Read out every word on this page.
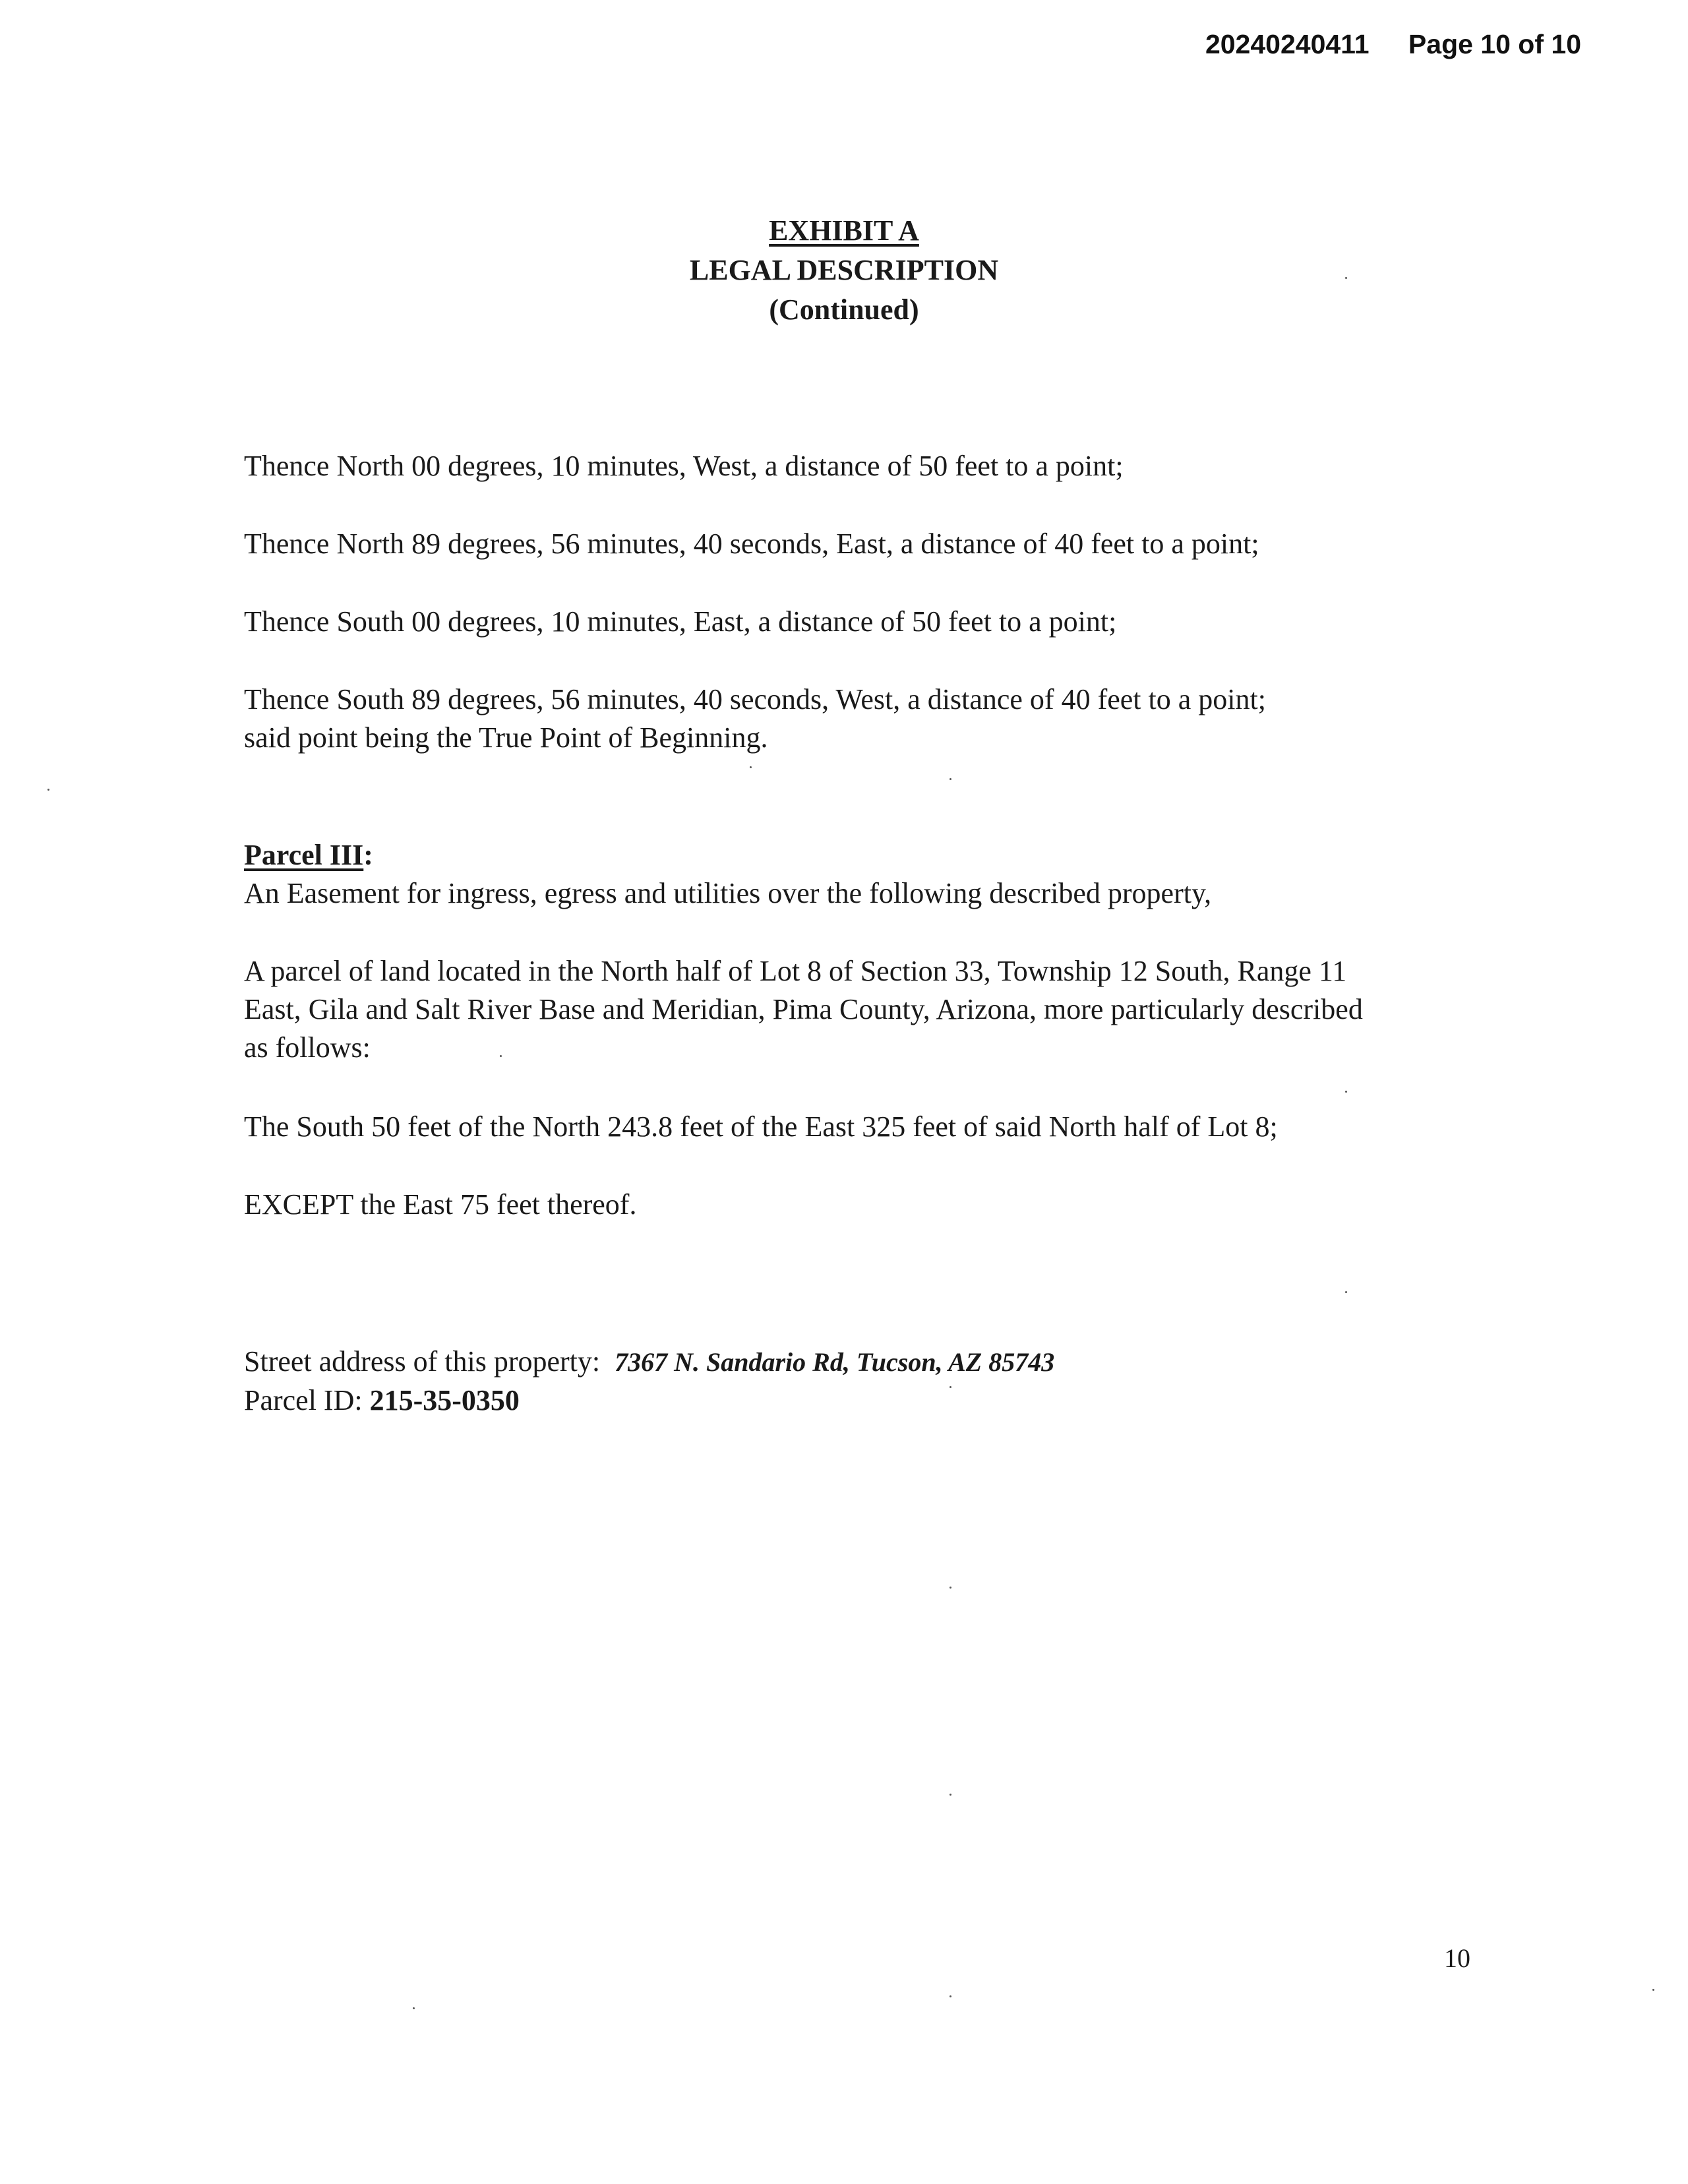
20240240411 Page 10 of 10
EXHIBIT A
LEGAL DESCRIPTION
(Continued)

Thence North 00 degrees, 10 minutes, West, a distance of 50 feet to a point;

Thence North 89 degrees, 56 minutes, 40 seconds, East, a distance of 40 feet to a point;

Thence South 00 degrees, 10 minutes, East, a distance of 50 feet to a point;

Thence South 89 degrees, 56 minutes, 40 seconds, West, a distance of 40 feet to a point;

said point being the True Point of Beginning.

Parcel III:

An Easement for ingress, egress and utilities over the following described property,

A parcel of land located in the North half of Lot 8 of Section 33, Township 12 South, Range 11

East, Gila and Salt River Base and Meridian, Pima County, Arizona, more particularly described

as follows:

The South 50 feet of the North 243.8 feet of the East 325 feet of said North half of Lot 8;

EXCEPT the East 75 feet thereof.

Street address of this property: 7367 N. Sandario Rd, Tucson, AZ 85743

Parcel ID: 215-35-0350

10
